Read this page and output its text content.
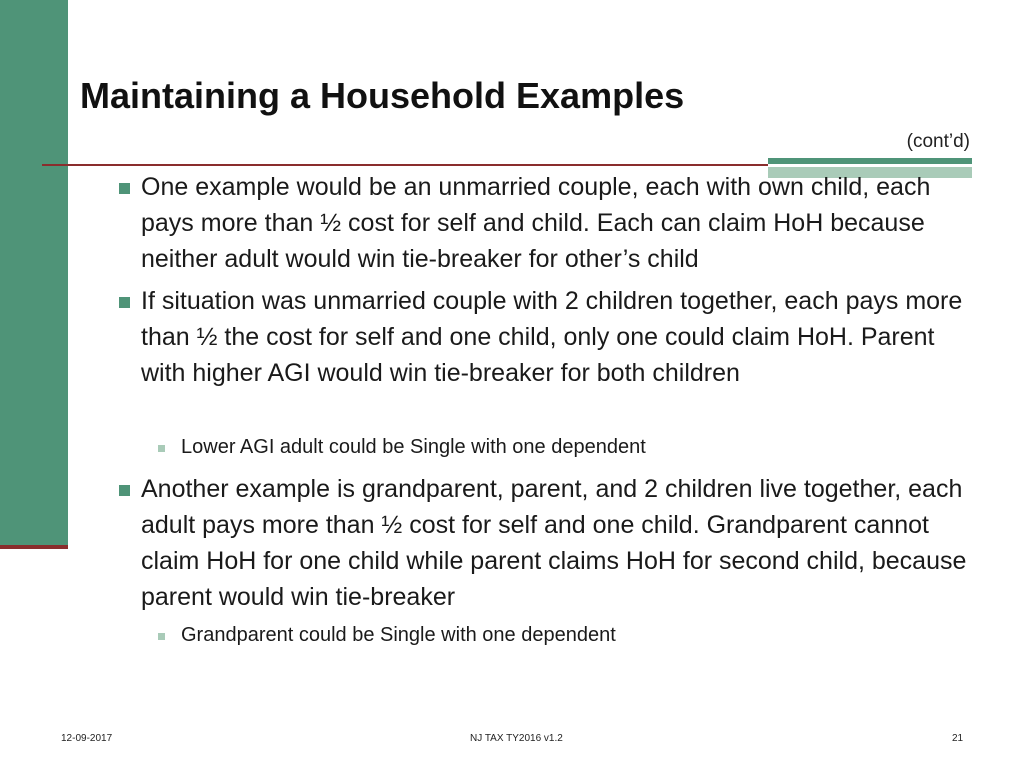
Maintaining a Household Examples
(cont’d)
One example would be an unmarried couple, each with own child, each pays more than ½ cost for self and child. Each can claim HoH because neither adult would win tie-breaker for other’s child
If situation was unmarried couple with 2 children together, each pays more than ½ the cost for self and one child, only one could claim HoH. Parent with higher AGI would win tie-breaker for both children
Lower AGI adult could be Single with one dependent
Another example is grandparent, parent, and 2 children live together, each adult pays more than ½ cost for self and one child. Grandparent cannot claim HoH for one child while parent claims HoH for second child, because parent would win tie-breaker
Grandparent could be Single with one dependent
12-09-2017	NJ TAX TY2016 v1.2	21
